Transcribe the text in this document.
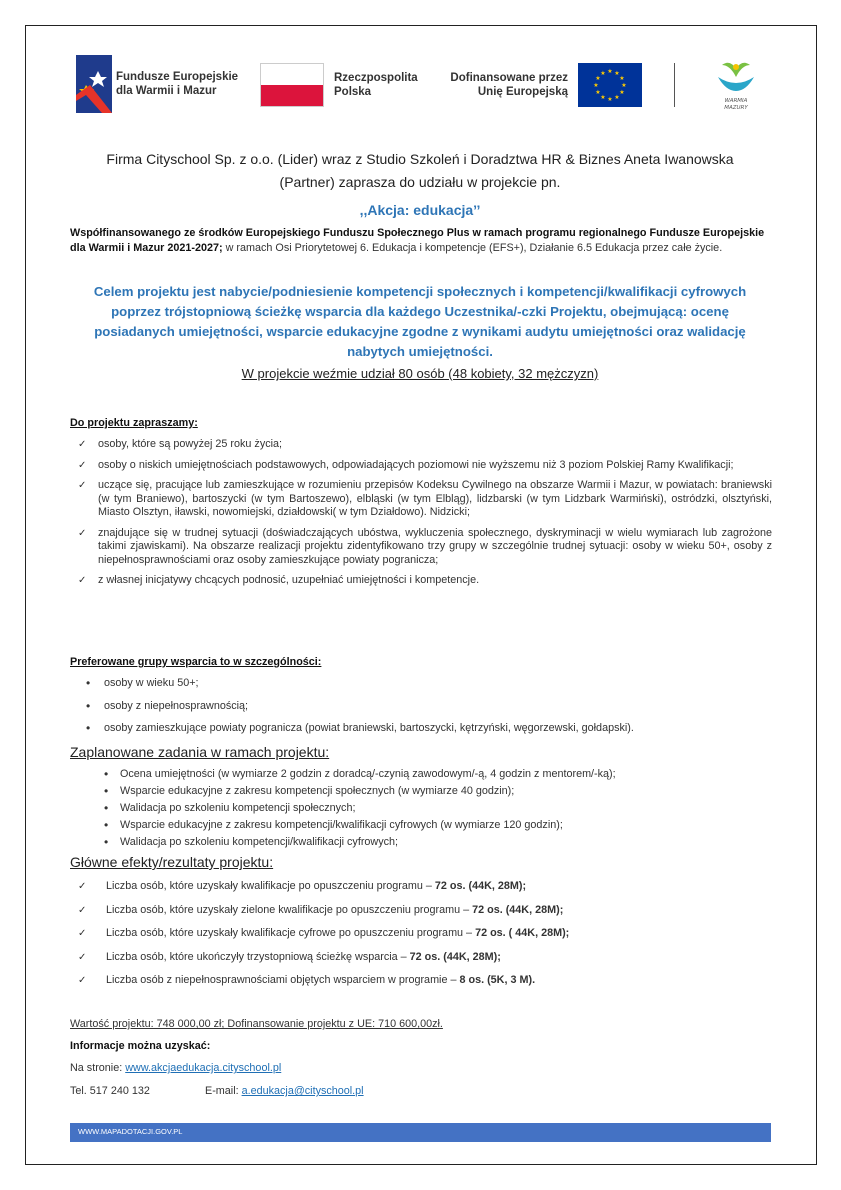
Fundusze Europejskie
dla Warmii i Mazur
Rzeczpospolita
Polska
Dofinansowane przez
Unię Europejską
★ ★
★
★
★
★
★
★
★
★
★
★
WARMIA
MAZURY
Firma Cityschool Sp. z o.o. (Lider) wraz z Studio Szkoleń i Doradztwa HR & Biznes Aneta Iwanowska
(Partner) zaprasza do udziału w projekcie pn.
,,Akcja: edukacja’’
Współfinansowanego ze środków Europejskiego Funduszu Społecznego Plus w ramach programu regionalnego Fundusze Europejskie dla Warmii i Mazur 2021-2027; w ramach Osi Priorytetowej 6. Edukacja i kompetencje (EFS+), Działanie 6.5 Edukacja przez całe życie.
Celem projektu jest nabycie/podniesienie kompetencji społecznych i kompetencji/kwalifikacji cyfrowych poprzez trójstopniową ścieżkę wsparcia dla każdego Uczestnika/-czki Projektu, obejmującą: ocenę posiadanych umiejętności, wsparcie edukacyjne zgodne z wynikami audytu umiejętności oraz walidację nabytych umiejętności.
W projekcie weźmie udział 80 osób (48 kobiety, 32 mężczyzn)
Do projektu zapraszamy:
✓ osoby, które są powyżej 25 roku życia;
✓ osoby o niskich umiejętnościach podstawowych, odpowiadających poziomowi nie wyższemu niż 3 poziom Polskiej Ramy Kwalifikacji;
✓ uczące się, pracujące lub zamieszkujące w rozumieniu przepisów Kodeksu Cywilnego na obszarze Warmii i Mazur, w powiatach: braniewski (w tym Braniewo), bartoszycki (w tym Bartoszewo), elbląski (w tym Elbląg), lidzbarski (w tym Lidzbark Warmiński), ostródzki, olsztyński, Miasto Olsztyn, iławski, nowomiejski, działdowski( w tym Działdowo). Nidzicki;
✓ znajdujące się w trudnej sytuacji (doświadczających ubóstwa, wykluczenia społecznego, dyskryminacji w wielu wymiarach lub zagrożone takimi zjawiskami). Na obszarze realizacji projektu zidentyfikowano trzy grupy w szczególnie trudnej sytuacji: osoby w wieku 50+, osoby z niepełnosprawnościami oraz osoby zamieszkujące powiaty pogranicza;
✓ z własnej inicjatywy chcących podnosić, uzupełniać umiejętności i kompetencje.
Preferowane grupy wsparcia to w szczególności:
• osoby w wieku 50+;
• osoby z niepełnosprawnością;
• osoby zamieszkujące powiaty pogranicza (powiat braniewski, bartoszycki, kętrzyński, węgorzewski, gołdapski).
Zaplanowane zadania w ramach projektu:
• Ocena umiejętności (w wymiarze 2 godzin z doradcą/-czynią zawodowym/-ą, 4 godzin z mentorem/-ką);
• Wsparcie edukacyjne z zakresu kompetencji społecznych (w wymiarze 40 godzin);
• Walidacja po szkoleniu kompetencji społecznych;
• Wsparcie edukacyjne z zakresu kompetencji/kwalifikacji cyfrowych (w wymiarze 120 godzin);
• Walidacja po szkoleniu kompetencji/kwalifikacji cyfrowych;
Główne efekty/rezultaty projektu:
✓ Liczba osób, które uzyskały kwalifikacje po opuszczeniu programu – 72 os. (44K, 28M);
✓ Liczba osób, które uzyskały zielone kwalifikacje po opuszczeniu programu – 72 os. (44K, 28M);
✓ Liczba osób, które uzyskały kwalifikacje cyfrowe po opuszczeniu programu – 72 os. ( 44K, 28M);
✓ Liczba osób, które ukończyły trzystopniową ścieżkę wsparcia – 72 os. (44K, 28M);
✓ Liczba osób z niepełnosprawnościami objętych wsparciem w programie – 8 os. (5K, 3 M).
Wartość projektu: 748 000,00 zł; Dofinansowanie projektu z UE: 710 600,00zł.
Informacje można uzyskać:
Na stronie: www.akcjaedukacja.cityschool.pl
Tel. 517 240 132	E-mail: a.edukacja@cityschool.pl
WWW.MAPADOTACJI.GOV.PL
